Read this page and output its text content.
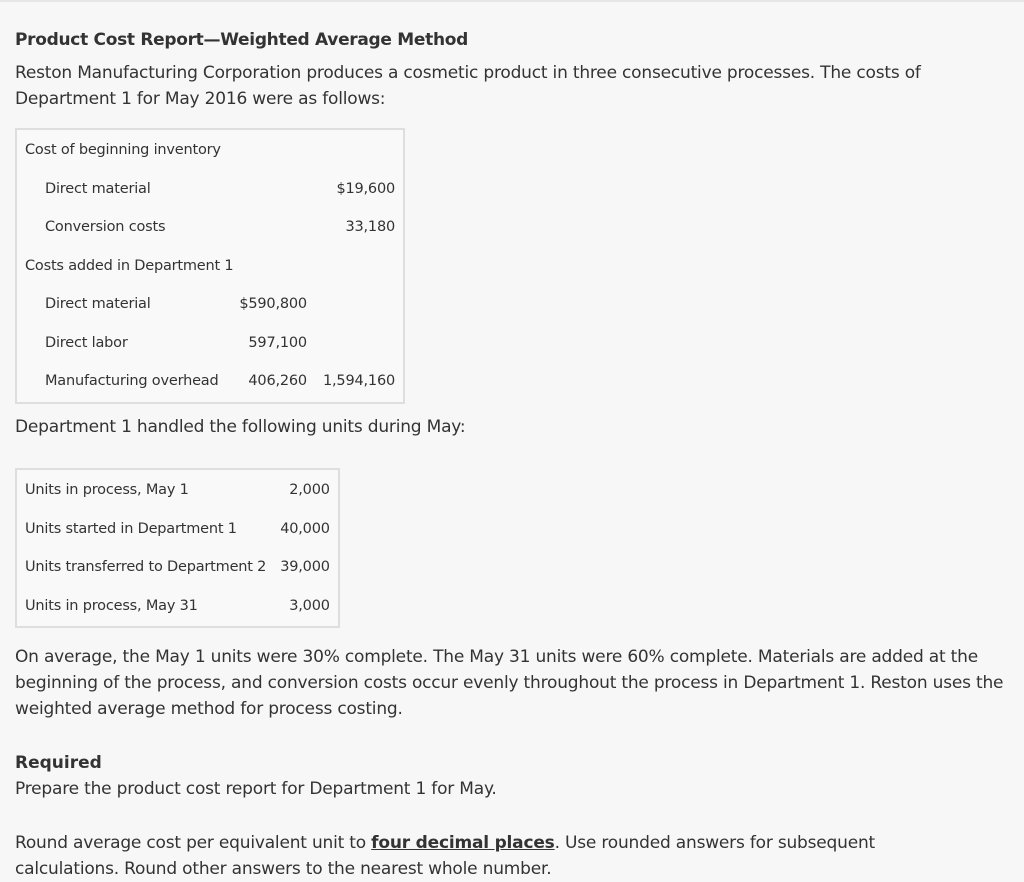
Product Cost Report—Weighted Average Method

Reston Manufacturing Corporation produces a cosmetic product in three consecutive processes. The costs of Department 1 for May 2016 were as follows:

Cost of beginning inventory		
Direct material		$19,600
Conversion costs		33,180
Costs added in Department 1		
Direct material	$590,800	
Direct labor	597,100	
Manufacturing overhead	406,260	1,594,160

Department 1 handled the following units during May:

Units in process, May 1	2,000
Units started in Department 1	40,000
Units transferred to Department 2	39,000
Units in process, May 31	3,000

On average, the May 1 units were 30% complete. The May 31 units were 60% complete. Materials are added at the beginning of the process, and conversion costs occur evenly throughout the process in Department 1. Reston uses the weighted average method for process costing.

Required

Prepare the product cost report for Department 1 for May.

Round average cost per equivalent unit to four decimal places. Use rounded answers for subsequent calculations. Round other answers to the nearest whole number.
